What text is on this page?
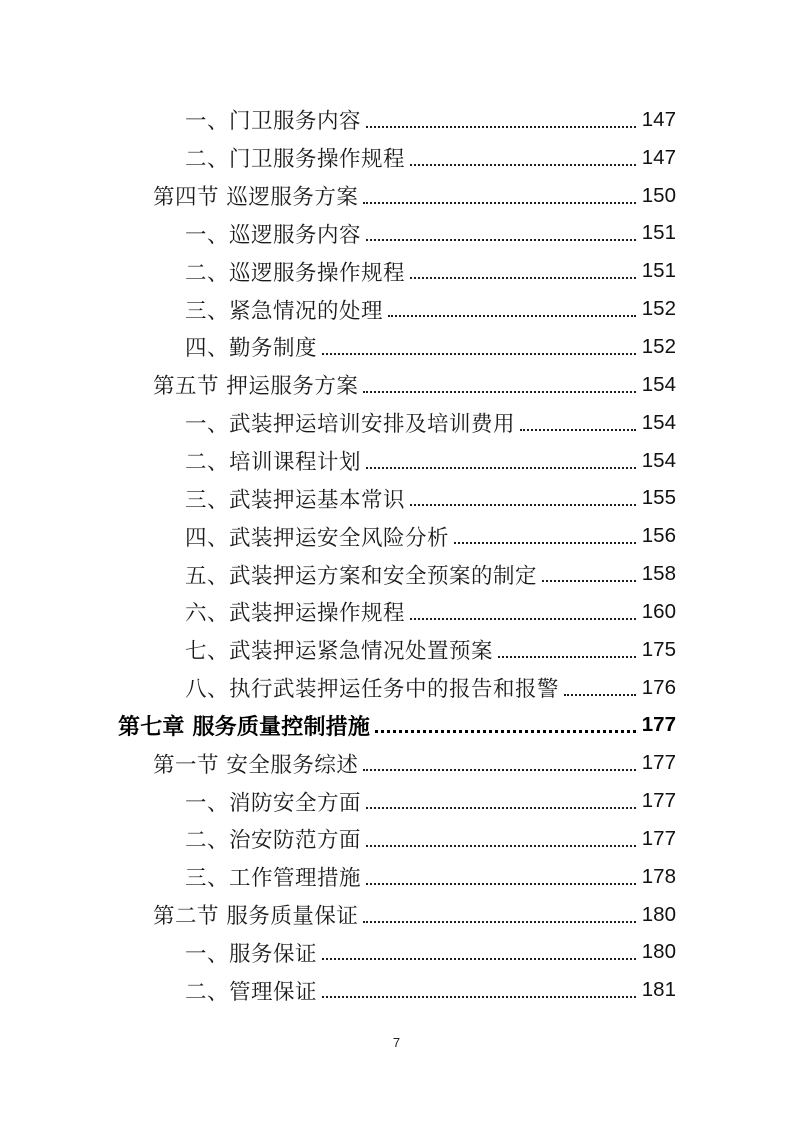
一、门卫服务内容	147
二、门卫服务操作规程	147
第四节 巡逻服务方案	150
一、巡逻服务内容	151
二、巡逻服务操作规程	151
三、紧急情况的处理	152
四、勤务制度	152
第五节 押运服务方案	154
一、武装押运培训安排及培训费用	154
二、培训课程计划	154
三、武装押运基本常识	155
四、武装押运安全风险分析	156
五、武装押运方案和安全预案的制定	158
六、武装押运操作规程	160
七、武装押运紧急情况处置预案	175
八、执行武装押运任务中的报告和报警	176
第七章 服务质量控制措施	177
第一节 安全服务综述	177
一、消防安全方面	177
二、治安防范方面	177
三、工作管理措施	178
第二节 服务质量保证	180
一、服务保证	180
二、管理保证	181
7
